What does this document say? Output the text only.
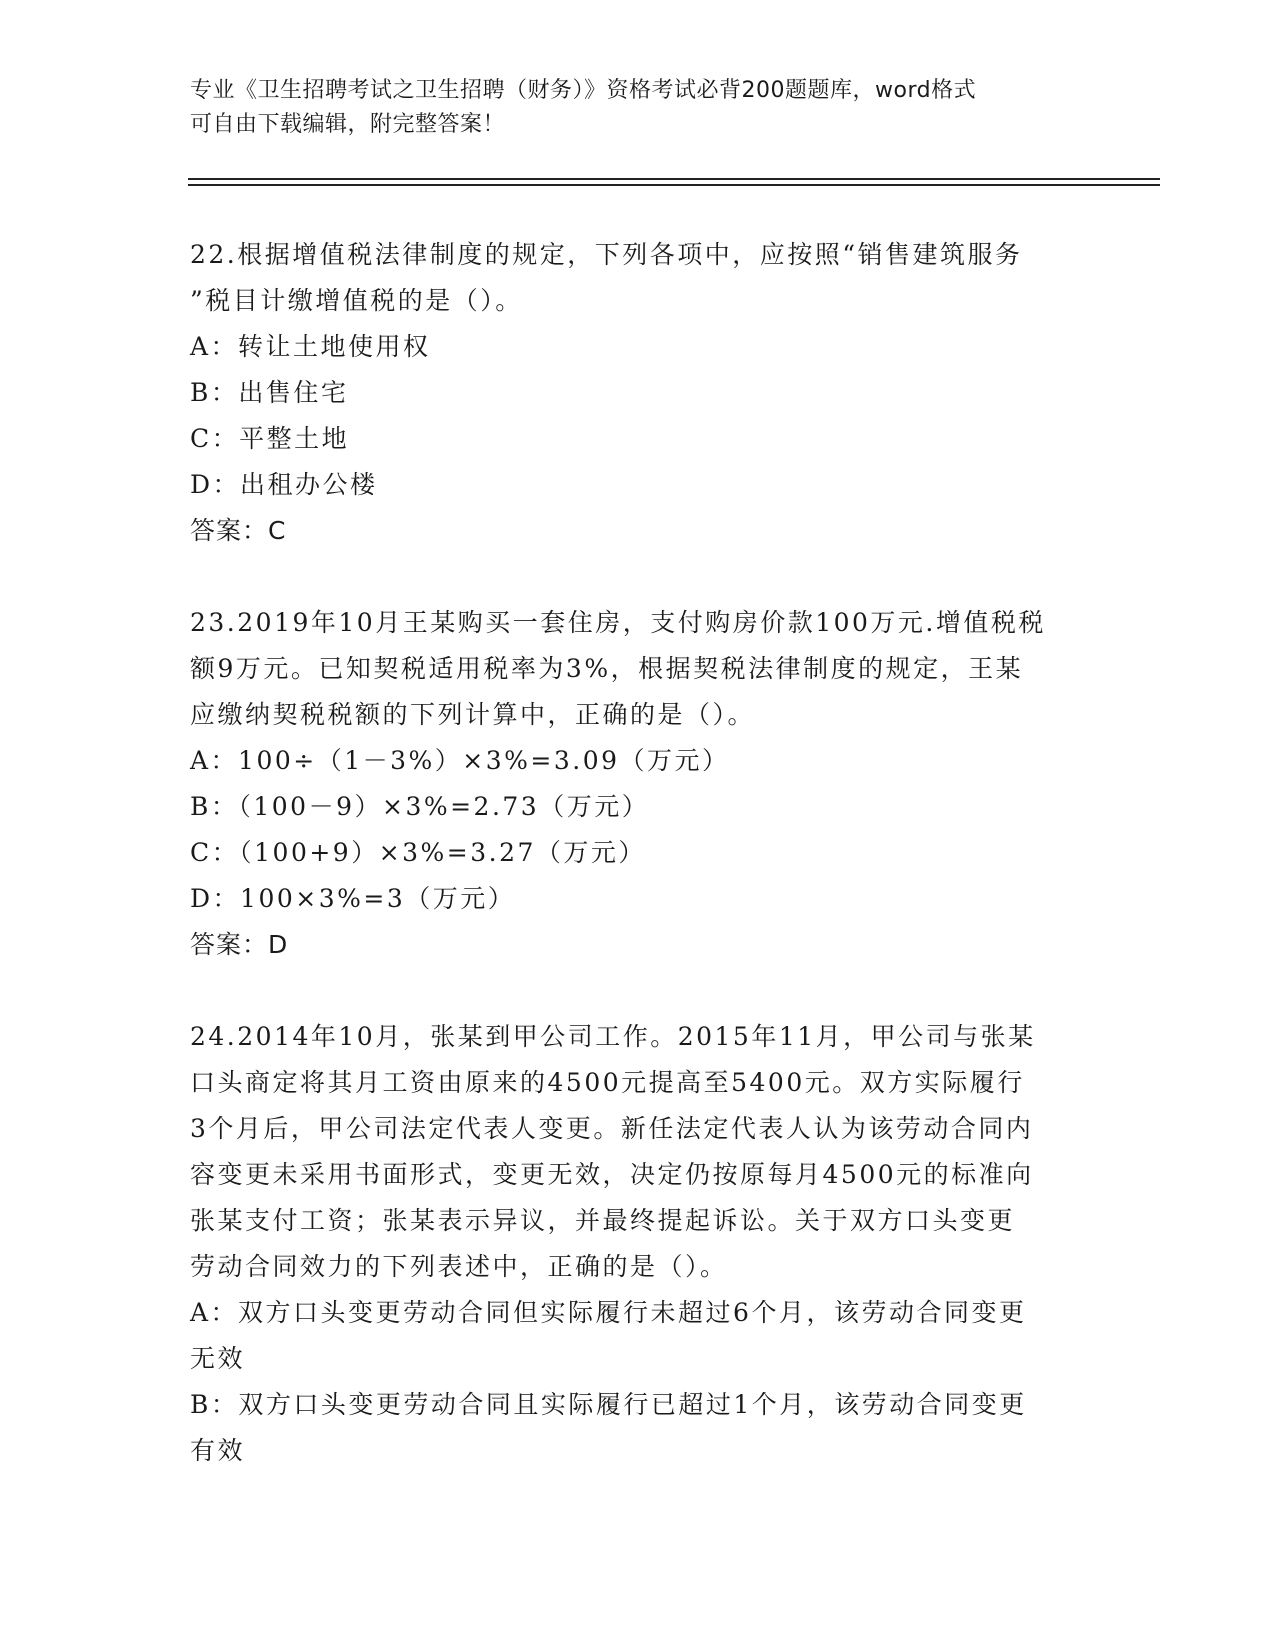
专业《卫生招聘考试之卫生招聘（财务）》资格考试必背200题题库，word格式
可自由下载编辑，附完整答案！
22.根据增值税法律制度的规定，下列各项中，应按照“销售建筑服务
”税目计缴增值税的是（）。
A：转让土地使用权
B：出售住宅
C：平整土地
D：出租办公楼
答案：C
23.2019年10月王某购买一套住房，支付购房价款100万元.增值税税
额9万元。已知契税适用税率为3%，根据契税法律制度的规定，王某
应缴纳契税税额的下列计算中，正确的是（）。
A：100÷（1－3%）×3%=3.09（万元）
B：（100－9）×3%=2.73（万元）
C：（100+9）×3%=3.27（万元）
D：100×3%=3（万元）
答案：D
24.2014年10月，张某到甲公司工作。2015年11月，甲公司与张某
口头商定将其月工资由原来的4500元提高至5400元。双方实际履行
3个月后，甲公司法定代表人变更。新任法定代表人认为该劳动合同内
容变更未采用书面形式，变更无效，决定仍按原每月4500元的标准向
张某支付工资；张某表示异议，并最终提起诉讼。关于双方口头变更
劳动合同效力的下列表述中，正确的是（）。
A：双方口头变更劳动合同但实际履行未超过6个月，该劳动合同变更
无效
B：双方口头变更劳动合同且实际履行已超过1个月，该劳动合同变更
有效
